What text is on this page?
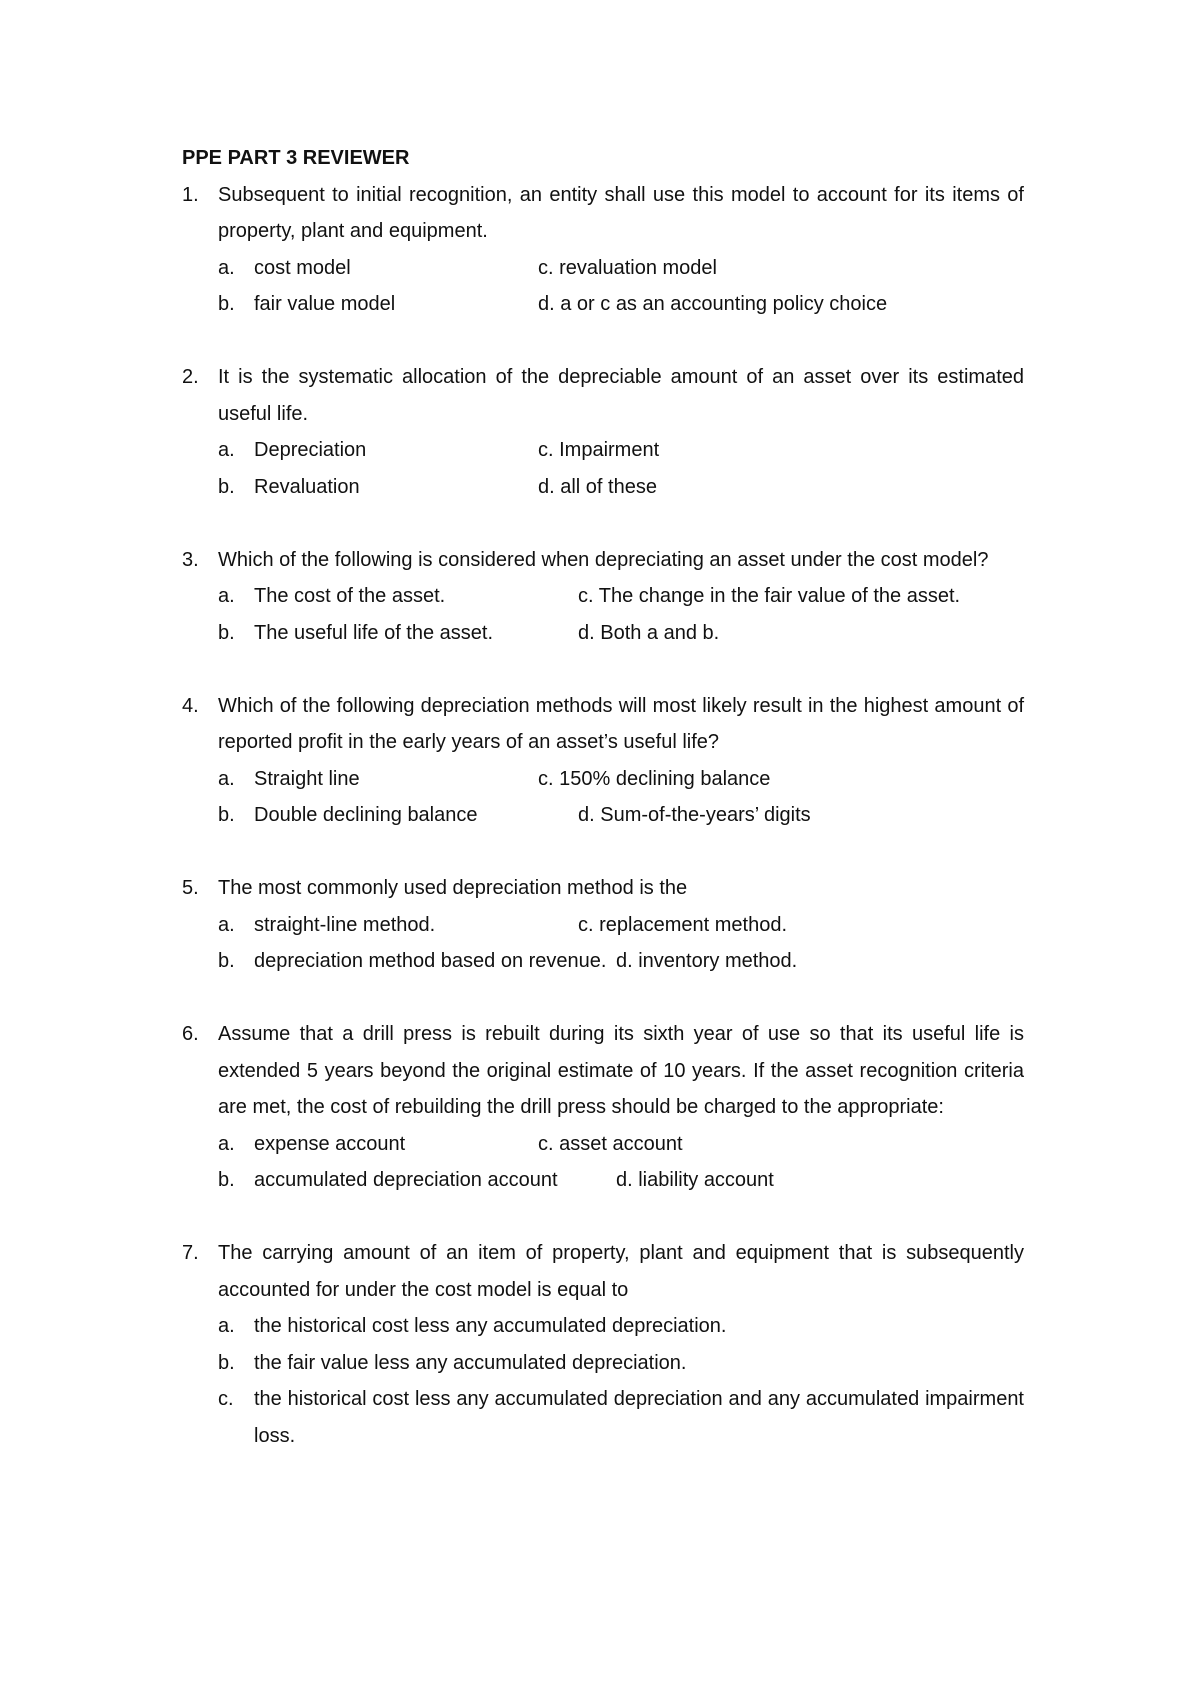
PPE PART 3 REVIEWER

1. Subsequent to initial recognition, an entity shall use this model to account for its items of property, plant and equipment.
a. cost model	c. revaluation model
b. fair value model	d. a or c as an accounting policy choice
2. It is the systematic allocation of the depreciable amount of an asset over its estimated useful life.
a. Depreciation	c. Impairment
b. Revaluation	d. all of these
3. Which of the following is considered when depreciating an asset under the cost model?
a. The cost of the asset.	c. The change in the fair value of the asset.
b. The useful life of the asset.	d. Both a and b.
4. Which of the following depreciation methods will most likely result in the highest amount of reported profit in the early years of an asset’s useful life?
a. Straight line	c. 150% declining balance
b. Double declining balance	d. Sum-of-the-years’ digits
5. The most commonly used depreciation method is the
a. straight-line method.	c. replacement method.
b. depreciation method based on revenue. d. inventory method.
6. Assume that a drill press is rebuilt during its sixth year of use so that its useful life is extended 5 years beyond the original estimate of 10 years. If the asset recognition criteria are met, the cost of rebuilding the drill press should be charged to the appropriate:
a. expense account	c. asset account
b. accumulated depreciation account	d. liability account
7. The carrying amount of an item of property, plant and equipment that is subsequently accounted for under the cost model is equal to
a. the historical cost less any accumulated depreciation.
b. the fair value less any accumulated depreciation.
c.	the historical cost less any accumulated depreciation and any accumulated impairment loss.
